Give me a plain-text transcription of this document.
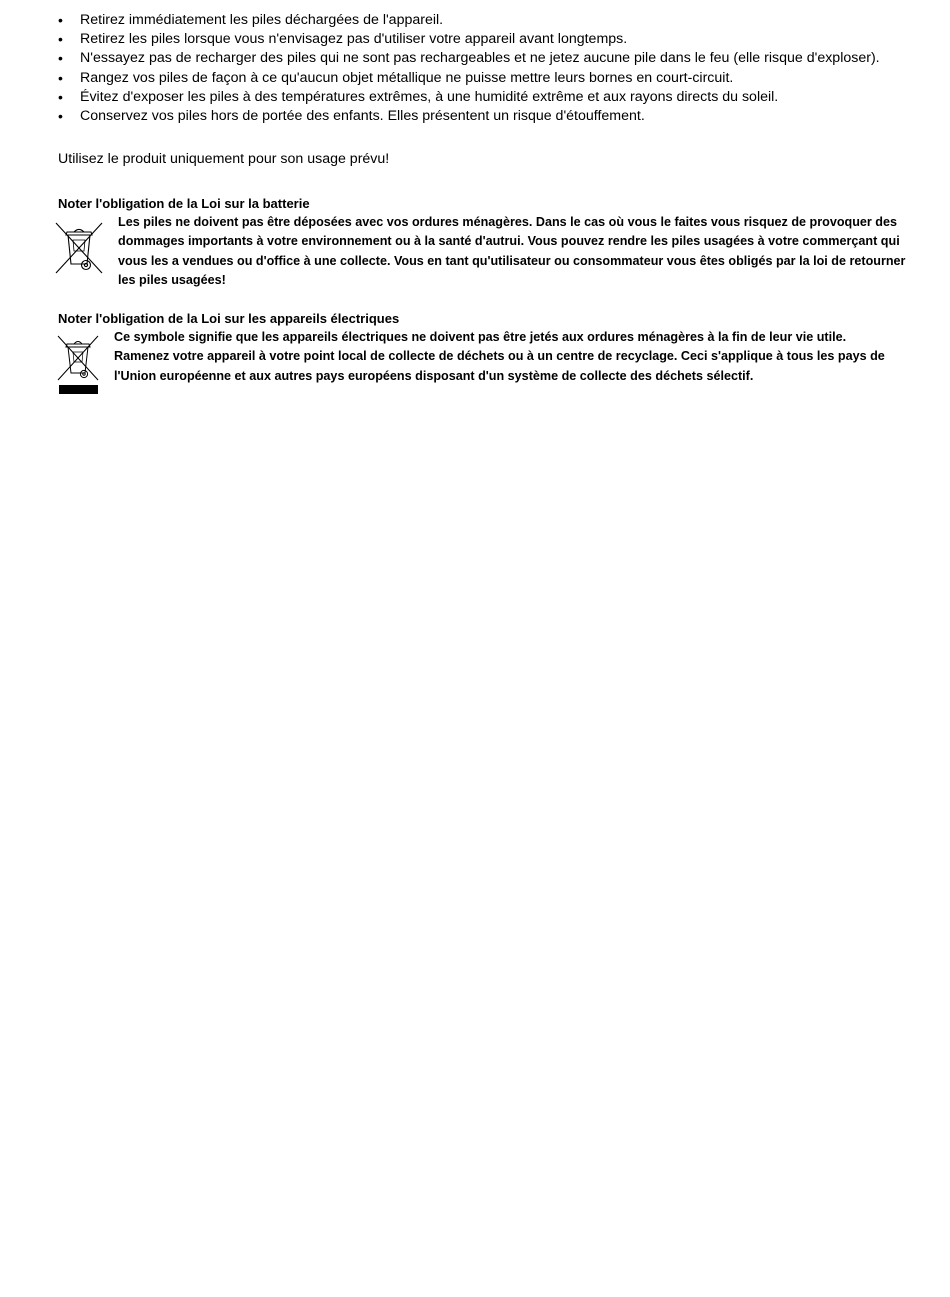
•	Retirez immédiatement les piles déchargées de l'appareil.
•	Retirez les piles lorsque vous n'envisagez pas d'utiliser votre appareil avant longtemps.
•	N'essayez pas de recharger des piles qui ne sont pas rechargeables et ne jetez aucune pile dans le feu (elle risque d'exploser).
•	Rangez vos piles de façon à ce qu'aucun objet métallique ne puisse mettre leurs bornes en court-circuit.
•	Évitez d'exposer les piles à des températures extrêmes, à une humidité extrême et aux rayons directs du soleil.
•	Conservez vos piles hors de portée des enfants. Elles présentent un risque d'étouffement.

Utilisez le produit uniquement pour son usage prévu!

Noter l'obligation de la Loi sur la batterie
Les piles ne doivent pas être déposées avec vos ordures ménagères. Dans le cas où vous le faites vous risquez de provoquer des dommages importants à votre environnement ou à la santé d'autrui. Vous pouvez rendre les piles usagées à votre commerçant qui vous les a vendues ou d'office à une collecte. Vous en tant qu'utilisateur ou consommateur vous êtes obligés par la loi de retourner les piles usagées!
Noter l'obligation de la Loi sur les appareils électriques
Ce symbole signifie que les appareils électriques ne doivent pas être jetés aux ordures ménagères à la fin de leur vie utile. Ramenez votre appareil à votre point local de collecte de déchets ou à un centre de recyclage. Ceci s'applique à tous les pays de l'Union européenne et aux autres pays européens disposant d'un système de collecte des déchets sélectif.
